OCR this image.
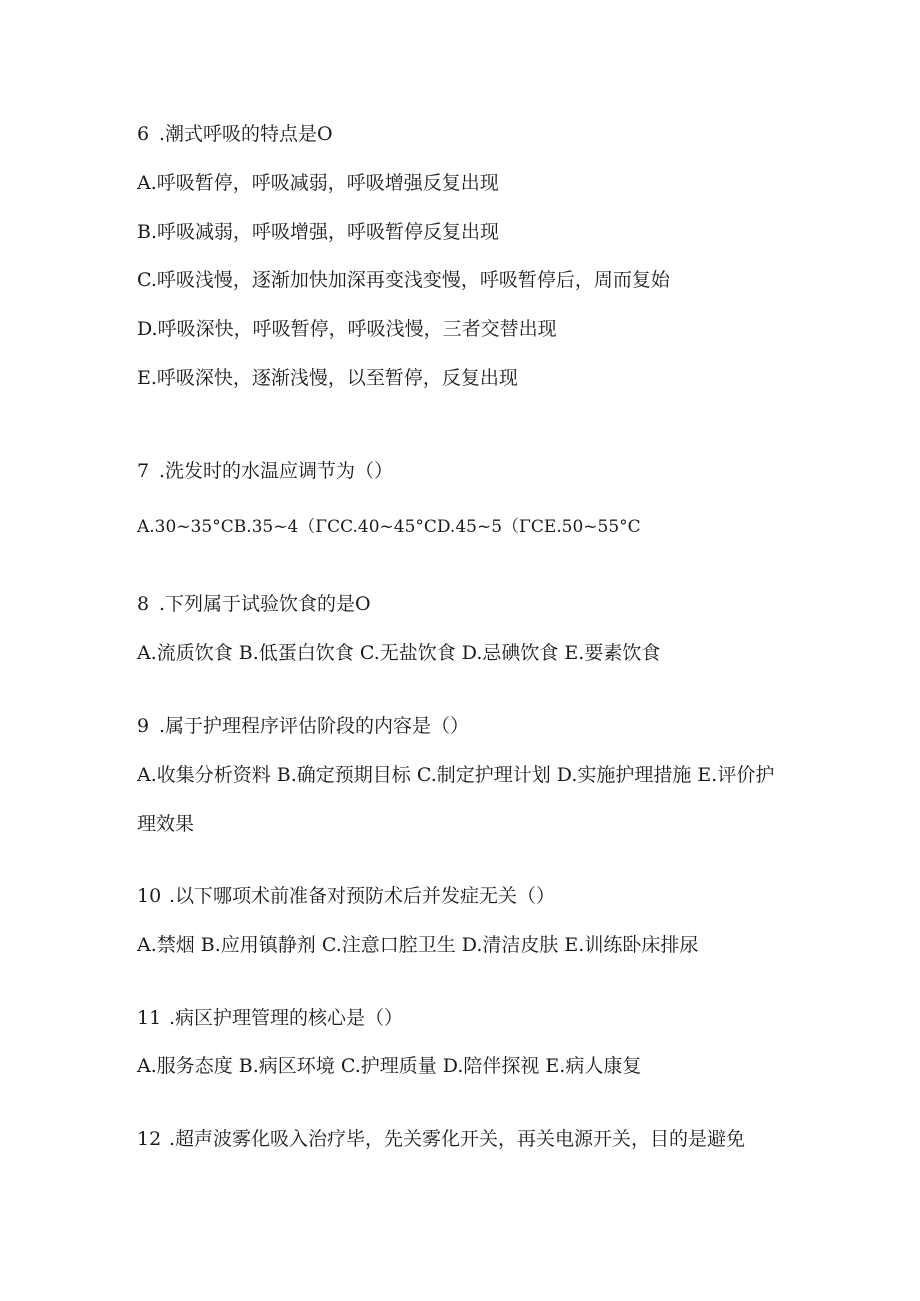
6 .潮式呼吸的特点是O
A.呼吸暂停，呼吸减弱，呼吸增强反复出现
B.呼吸减弱，呼吸增强，呼吸暂停反复出现
C.呼吸浅慢，逐渐加快加深再变浅变慢，呼吸暂停后，周而复始
D.呼吸深快，呼吸暂停，呼吸浅慢，三者交替出现
E.呼吸深快，逐渐浅慢，以至暂停，反复出现
7 .洗发时的水温应调节为（）
A.30~35°CB.35~4（ΓCC.40~45°CD.45~5（ΓCE.50~55°C
8 .下列属于试验饮食的是O
A.流质饮食 B.低蛋白饮食 C.无盐饮食 D.忌碘饮食 E.要素饮食
9 .属于护理程序评估阶段的内容是（）
A.收集分析资料 B.确定预期目标 C.制定护理计划 D.实施护理措施 E.评价护
理效果
10 .以下哪项术前准备对预防术后并发症无关（）
A.禁烟 B.应用镇静剂 C.注意口腔卫生 D.清洁皮肤 E.训练卧床排尿
11 .病区护理管理的核心是（）
A.服务态度 B.病区环境 C.护理质量 D.陪伴探视 E.病人康复
12 .超声波雾化吸入治疗毕，先关雾化开关，再关电源开关，目的是避免
